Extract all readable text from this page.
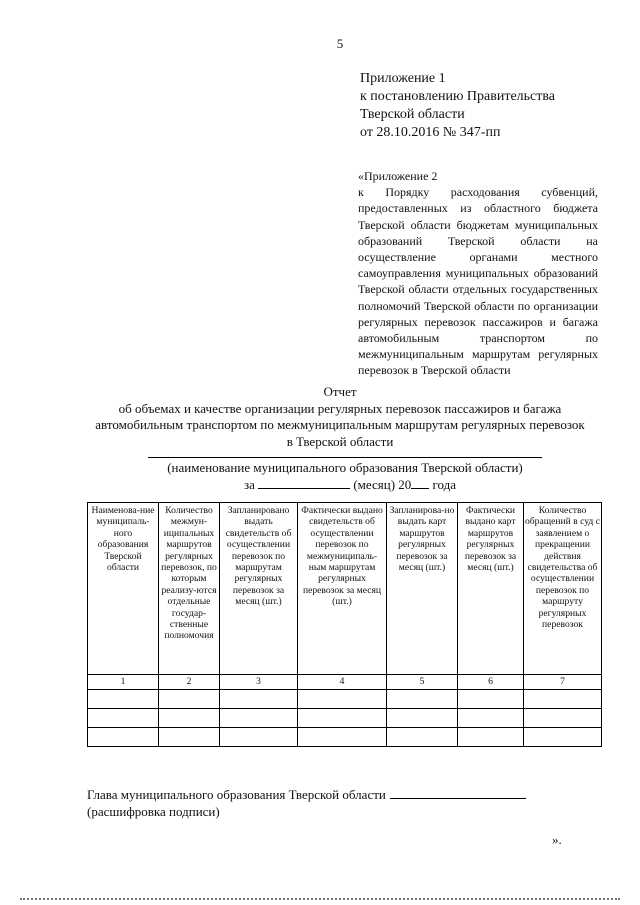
5
Приложение 1
к постановлению Правительства
Тверской области
от 28.10.2016 № 347-пп

«Приложение 2

к Порядку расходования субвенций, предоставленных из областного бюджета Тверской области бюджетам муниципальных образований Тверской области на осуществление органами местного самоуправления муниципальных образований Тверской области отдельных государственных полномочий Тверской области по организации регулярных перевозок пассажиров и багажа автомобильным транспортом по межмуниципальным маршрутам регулярных перевозок в Тверской области

Отчет
об объемах и качестве организации регулярных перевозок пассажиров и багажа
автомобильным транспортом по межмуниципальным маршрутам регулярных перевозок
в Тверской области
(наименование муниципального образования Тверской области)
за	(месяц) 20 года
Наименова-ние муниципаль-ного образования Тверской области	Количество межмун-иципальных маршрутов регулярных перевозок, по которым реализу-ются отдельные государ-ственные полномочия	Запланировано выдать свидетельств об осуществлении перевозок по маршрутам регулярных перевозок за месяц (шт.)	Фактически выдано свидетельств об осуществлении перевозок по межмуниципаль-ным маршрутам регулярных перевозок за месяц (шт.)	Запланирова-но выдать карт маршрутов регулярных перевозок за месяц (шт.)	Фактически выдано карт маршрутов регулярных перевозок за месяц (шт.)	Количество обращений в суд с заявлением о прекращении действия свидетельства об осуществлении перевозок по маршруту регулярных перевозок
1	2	3	4	5	6	7

Глава муниципального образования Тверской области
(расшифровка подписи)
».
